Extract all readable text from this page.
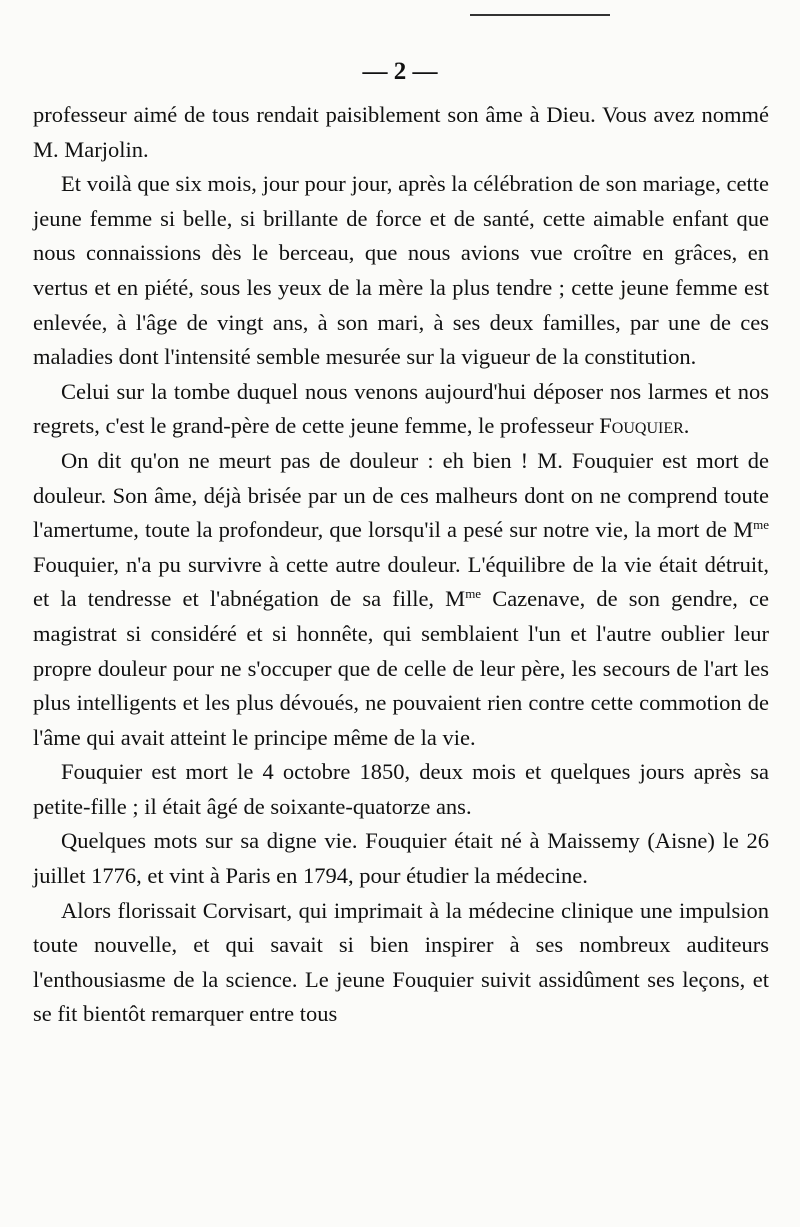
— 2 —

professeur aimé de tous rendait paisiblement son âme à Dieu. Vous avez nommé M. Marjolin.

Et voilà que six mois, jour pour jour, après la célébration de son mariage, cette jeune femme si belle, si brillante de force et de santé, cette aimable enfant que nous connaissions dès le berceau, que nous avions vue croître en grâces, en vertus et en piété, sous les yeux de la mère la plus tendre ; cette jeune femme est enlevée, à l'âge de vingt ans, à son mari, à ses deux familles, par une de ces maladies dont l'intensité semble mesurée sur la vigueur de la constitution.

Celui sur la tombe duquel nous venons aujourd'hui déposer nos larmes et nos regrets, c'est le grand-père de cette jeune femme, le professeur Fouquier.

On dit qu'on ne meurt pas de douleur : eh bien ! M. Fouquier est mort de douleur. Son âme, déjà brisée par un de ces malheurs dont on ne comprend toute l'amertume, toute la profondeur, que lorsqu'il a pesé sur notre vie, la mort de $M^{me}$ Fouquier, n'a pu survivre à cette autre douleur. L'équilibre de la vie était détruit, et la tendresse et l'abnégation de sa fille, $M^{me}$ Cazenave, de son gendre, ce magistrat si considéré et si honnête, qui semblaient l'un et l'autre oublier leur propre douleur pour ne s'occuper que de celle de leur père, les secours de l'art les plus intelligents et les plus dévoués, ne pouvaient rien contre cette commotion de l'âme qui avait atteint le principe même de la vie.

Fouquier est mort le 4 octobre 1850, deux mois et quelques jours après sa petite-fille ; il était âgé de soixante-quatorze ans.

Quelques mots sur sa digne vie. Fouquier était né à Maissemy (Aisne) le 26 juillet 1776, et vint à Paris en 1794, pour étudier la médecine.

Alors florissait Corvisart, qui imprimait à la médecine clinique une impulsion toute nouvelle, et qui savait si bien inspirer à ses nombreux auditeurs l'enthousiasme de la science. Le jeune Fouquier suivit assidûment ses leçons, et se fit bientôt remarquer entre tous
